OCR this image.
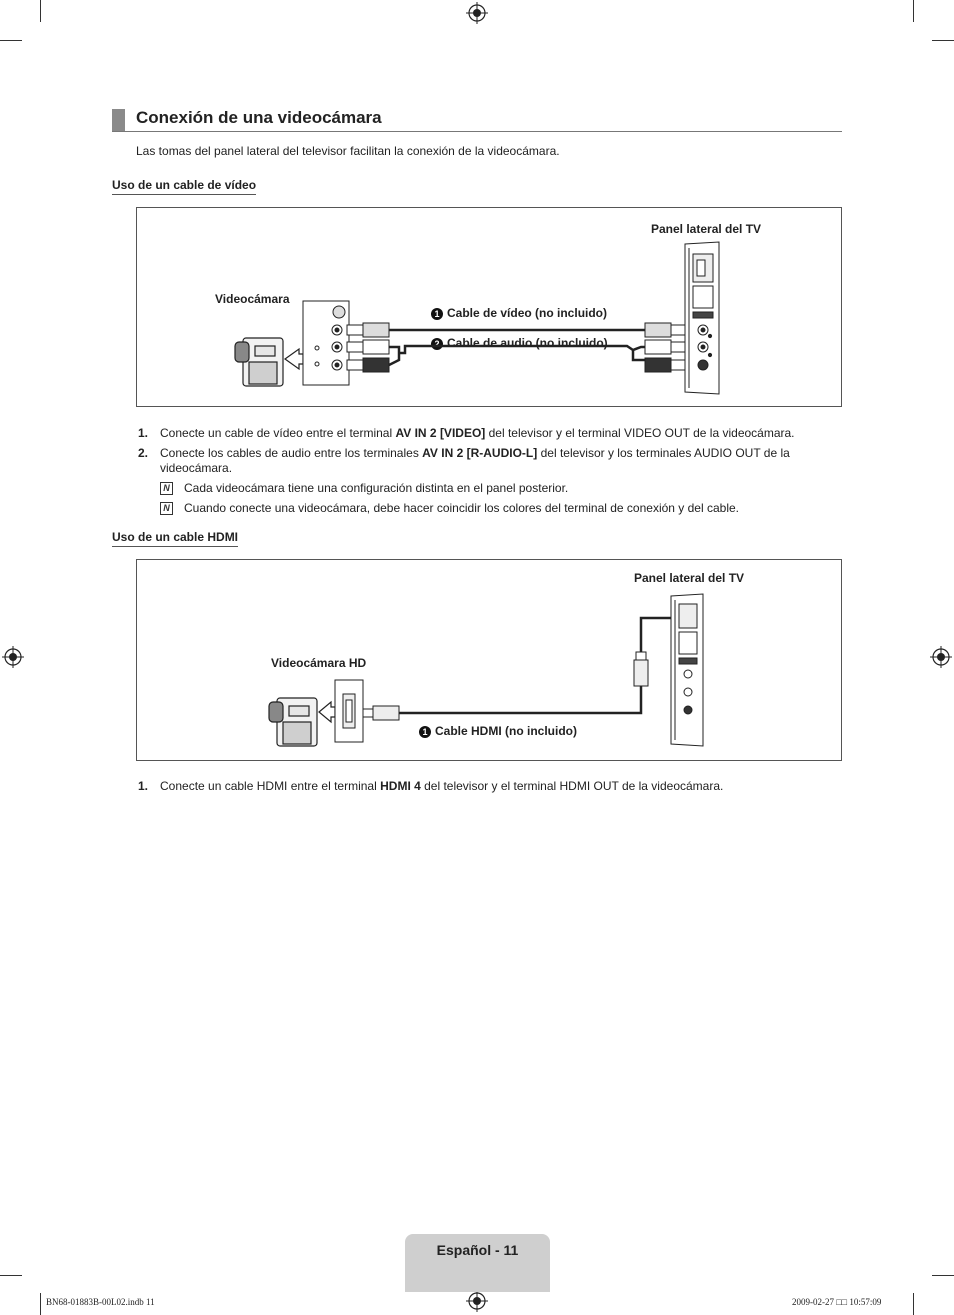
Conexión de una videocámara
Las tomas del panel lateral del televisor facilitan la conexión de la videocámara.
Uso de un cable de vídeo
Panel lateral del TV
Videocámara
1 Cable de vídeo (no incluido)
2 Cable de audio (no incluido)
1. Conecte un cable de vídeo entre el terminal AV IN 2 [VIDEO] del televisor y el terminal VIDEO OUT de la videocámara.
2. Conecte los cables de audio entre los terminales AV IN 2 [R-AUDIO-L] del televisor y los terminales AUDIO OUT de la videocámara.
N Cada videocámara tiene una configuración distinta en el panel posterior.
N Cuando conecte una videocámara, debe hacer coincidir los colores del terminal de conexión y del cable.
Uso de un cable HDMI
Panel lateral del TV
Videocámara HD
1 Cable HDMI (no incluido)
1. Conecte un cable HDMI entre el terminal HDMI 4 del televisor y el terminal HDMI OUT de la videocámara.
Español - 11
BN68-01883B-00L02.indb 11	2009-02-27 □□ 10:57:09
